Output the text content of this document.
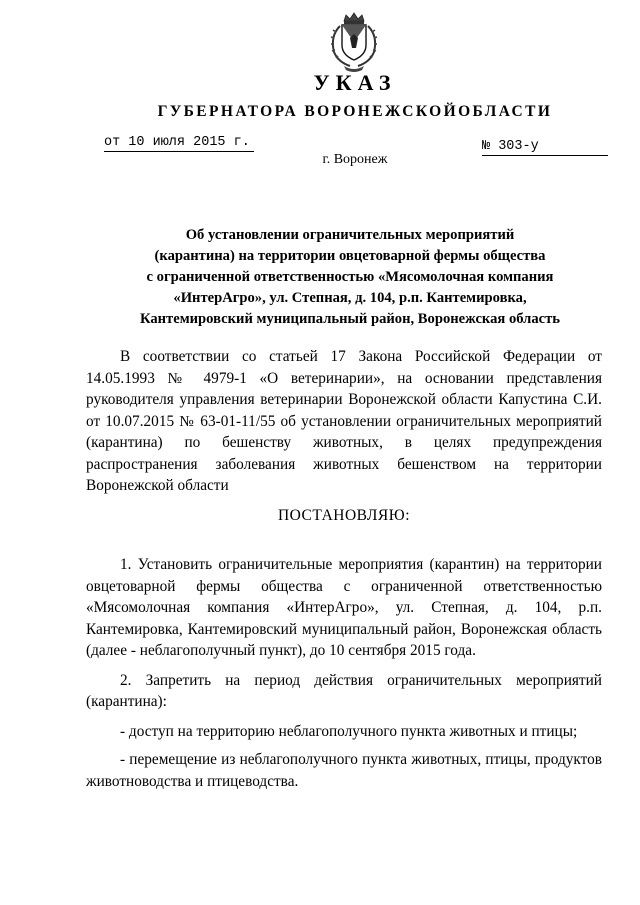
УКАЗ
ГУБЕРНАТОРА ВОРОНЕЖСКОЙОБЛАСТИ
от 10 июля 2015 г.	№ 303-у
г. Воронеж
Об установлении ограничительных мероприятий
(карантина) на территории овцетоварной фермы общества
с ограниченной ответственностью «Мясомолочная компания
«ИнтерАгро», ул. Степная, д. 104, р.п. Кантемировка,
Кантемировский муниципальный район, Воронежская область

В соответствии со статьей 17 Закона Российской Федерации от 14.05.1993 № 4979-1 «О ветеринарии», на основании представления руководителя управления ветеринарии Воронежской области Капустина С.И. от 10.07.2015 № 63-01-11/55 об установлении ограничительных мероприятий (карантина) по бешенству животных, в целях предупреждения распространения заболевания животных бешенством на территории Воронежской области

ПОСТАНОВЛЯЮ:

1. Установить ограничительные мероприятия (карантин) на территории овцетоварной фермы общества с ограниченной ответственностью «Мясомолочная компания «ИнтерАгро», ул. Степная, д. 104, р.п. Кантемировка, Кантемировский муниципальный район, Воронежская область (далее - неблагополучный пункт), до 10 сентября 2015 года.

2. Запретить на период действия ограничительных мероприятий (карантина):

- доступ на территорию неблагополучного пункта животных и птицы;

- перемещение из неблагополучного пункта животных, птицы, продуктов животноводства и птицеводства.
